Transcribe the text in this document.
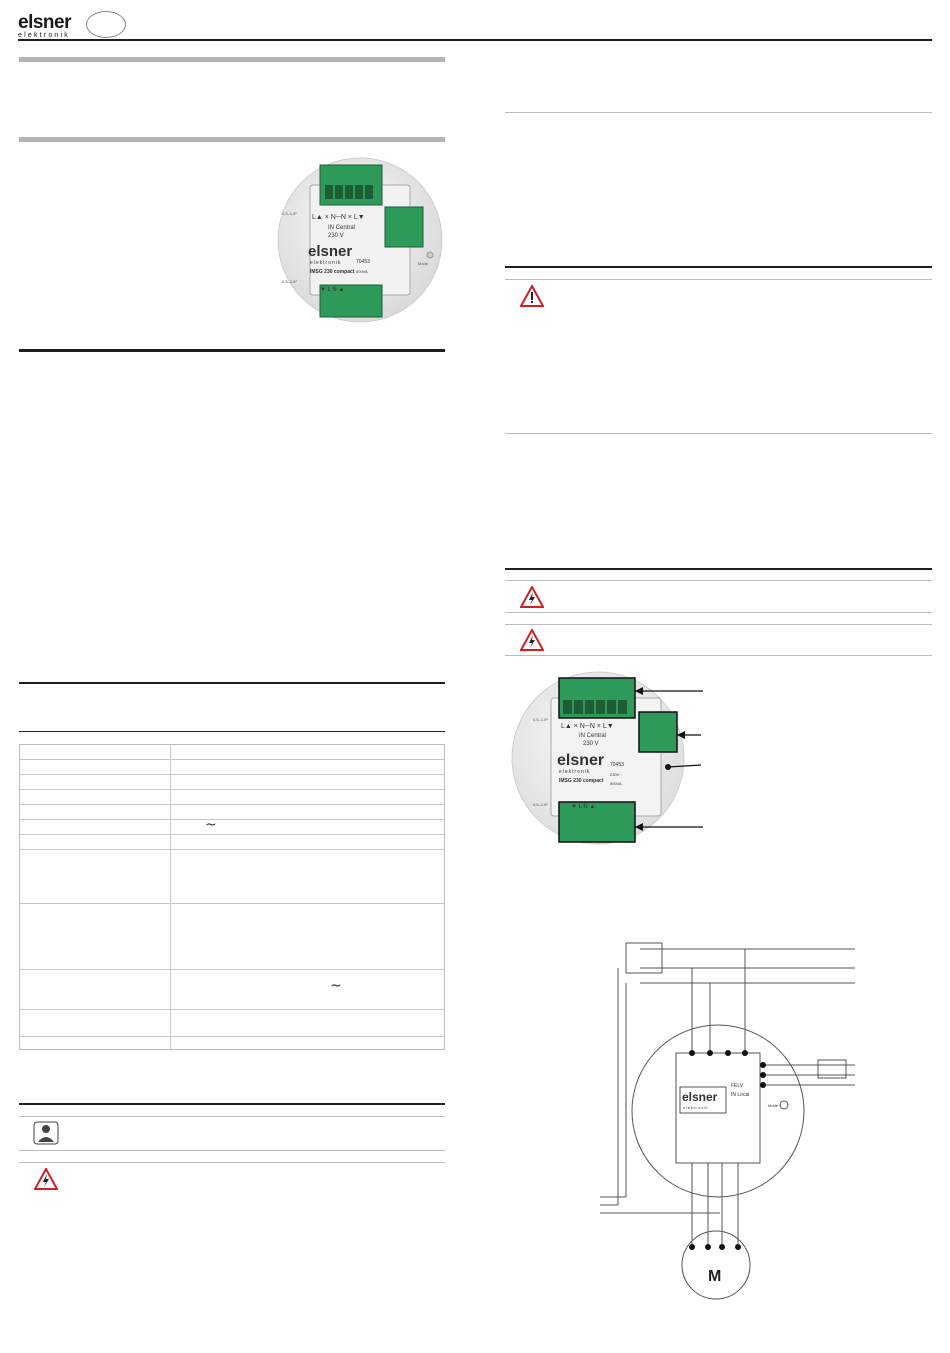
elsner
elektronik
L▲ × N─N × L▼
IN Central
230 V
elsner
elektronik
IMSG 230 compact
70453
500VA
▼ L N ▲
0,5–1,5²
0,5–2,5²
Mode
~
~
L▲ × N─N × L▼
IN Central
230 V
elsner
elektronik
IMSG 230 compact
70453
230V~
500VA
▼ L N ▲
0,5–1,5²
0,5–2,5²
elsner
elektronik
FELV
IN Local
Mode
M
